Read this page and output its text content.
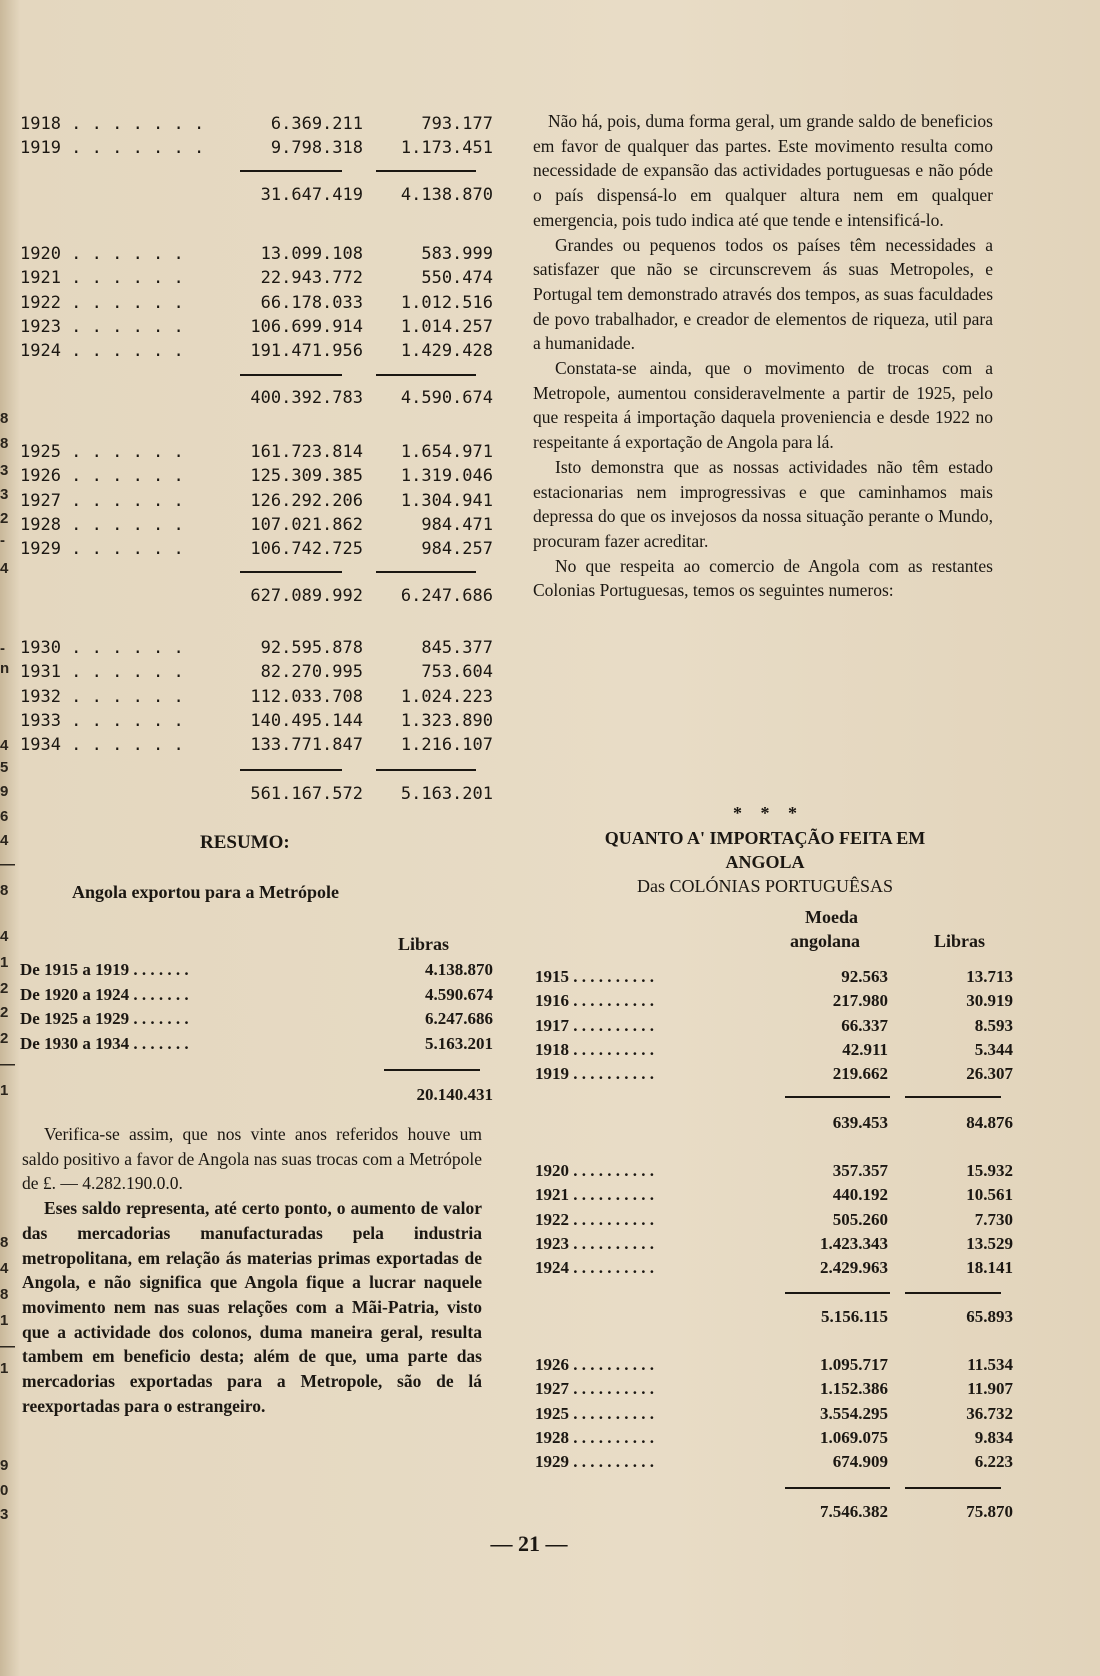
8
8
3
3
2
-
4
-
n
4
5
9
6
4
—
8
4
1
2
2
2
—
1
8
4
8
1
—
1
9
0
3
1918 . . . . . . .	6.369.211	793.177
1919 . . . . . . .	9.798.318	1.173.451
31.647.419	4.138.870
1920 . . . . . .	13.099.108	583.999
1921 . . . . . .	22.943.772	550.474
1922 . . . . . .	66.178.033	1.012.516
1923 . . . . . .	106.699.914	1.014.257
1924 . . . . . .	191.471.956	1.429.428
400.392.783	4.590.674
1925 . . . . . .	161.723.814	1.654.971
1926 . . . . . .	125.309.385	1.319.046
1927 . . . . . .	126.292.206	1.304.941
1928 . . . . . .	107.021.862	984.471
1929 . . . . . .	106.742.725	984.257
627.089.992	6.247.686
1930 . . . . . .	92.595.878	845.377
1931 . . . . . .	82.270.995	753.604
1932 . . . . . .	112.033.708	1.024.223
1933 . . . . . .	140.495.144	1.323.890
1934 . . . . . .	133.771.847	1.216.107
561.167.572	5.163.201
RESUMO:
Angola exportou para a Metrópole
Libras
De 1915 a 1919 . . . . . . .	4.138.870
De 1920 a 1924 . . . . . . .	4.590.674
De 1925 a 1929 . . . . . . .	6.247.686
De 1930 a 1934 . . . . . . .	5.163.201
20.140.431

Verifica-se assim, que nos vinte anos referidos houve um saldo positivo a favor de Angola nas suas trocas com a Metrópole de £. — 4.282.190.0.0.

Eses saldo representa, até certo ponto, o aumento de valor das mercadorias manufacturadas pela industria metropolitana, em relação ás materias primas exportadas de Angola, e não significa que Angola fique a lucrar naquele movimento nem nas suas relações com a Mãi-Patria, visto que a actividade dos colonos, duma maneira geral, resulta tambem em beneficio desta; além de que, uma parte das mercadorias exportadas para a Metropole, são de lá reexportadas para o estrangeiro.

Não há, pois, duma forma geral, um grande saldo de beneficios em favor de qualquer das partes. Este movimento resulta como necessidade de expansão das actividades portuguesas e não póde o país dispensá-lo em qualquer altura nem em qualquer emergencia, pois tudo indica até que tende e intensificá-lo.

Grandes ou pequenos todos os países têm necessidades a satisfazer que não se circunscrevem ás suas Metropoles, e Portugal tem demonstrado através dos tempos, as suas faculdades de povo trabalhador, e creador de elementos de riqueza, util para a humanidade.

Constata-se ainda, que o movimento de trocas com a Metropole, aumentou consideravelmente a partir de 1925, pelo que respeita á importação daquela proveniencia e desde 1922 no respeitante á exportação de Angola para lá.

Isto demonstra que as nossas actividades não têm estado estacionarias nem improgressivas e que caminhamos mais depressa do que os invejosos da nossa situação perante o Mundo, procuram fazer acreditar.

No que respeita ao comercio de Angola com as restantes Colonias Portuguesas, temos os seguintes numeros:

* * *
QUANTO A' IMPORTAÇÃO FEITA EM
ANGOLA
Das COLÓNIAS PORTUGUÊSAS
Moeda
angolana	Libras
1915 . . . . . . . . . .	92.563	13.713
1916 . . . . . . . . . .	217.980	30.919
1917 . . . . . . . . . .	66.337	8.593
1918 . . . . . . . . . .	42.911	5.344
1919 . . . . . . . . . .	219.662	26.307
639.453	84.876
1920 . . . . . . . . . .	357.357	15.932
1921 . . . . . . . . . .	440.192	10.561
1922 . . . . . . . . . .	505.260	7.730
1923 . . . . . . . . . .	1.423.343	13.529
1924 . . . . . . . . . .	2.429.963	18.141
5.156.115	65.893
1926 . . . . . . . . . .	1.095.717	11.534
1927 . . . . . . . . . .	1.152.386	11.907
1925 . . . . . . . . . .	3.554.295	36.732
1928 . . . . . . . . . .	1.069.075	9.834
1929 . . . . . . . . . .	674.909	6.223
7.546.382	75.870
— 21 —
